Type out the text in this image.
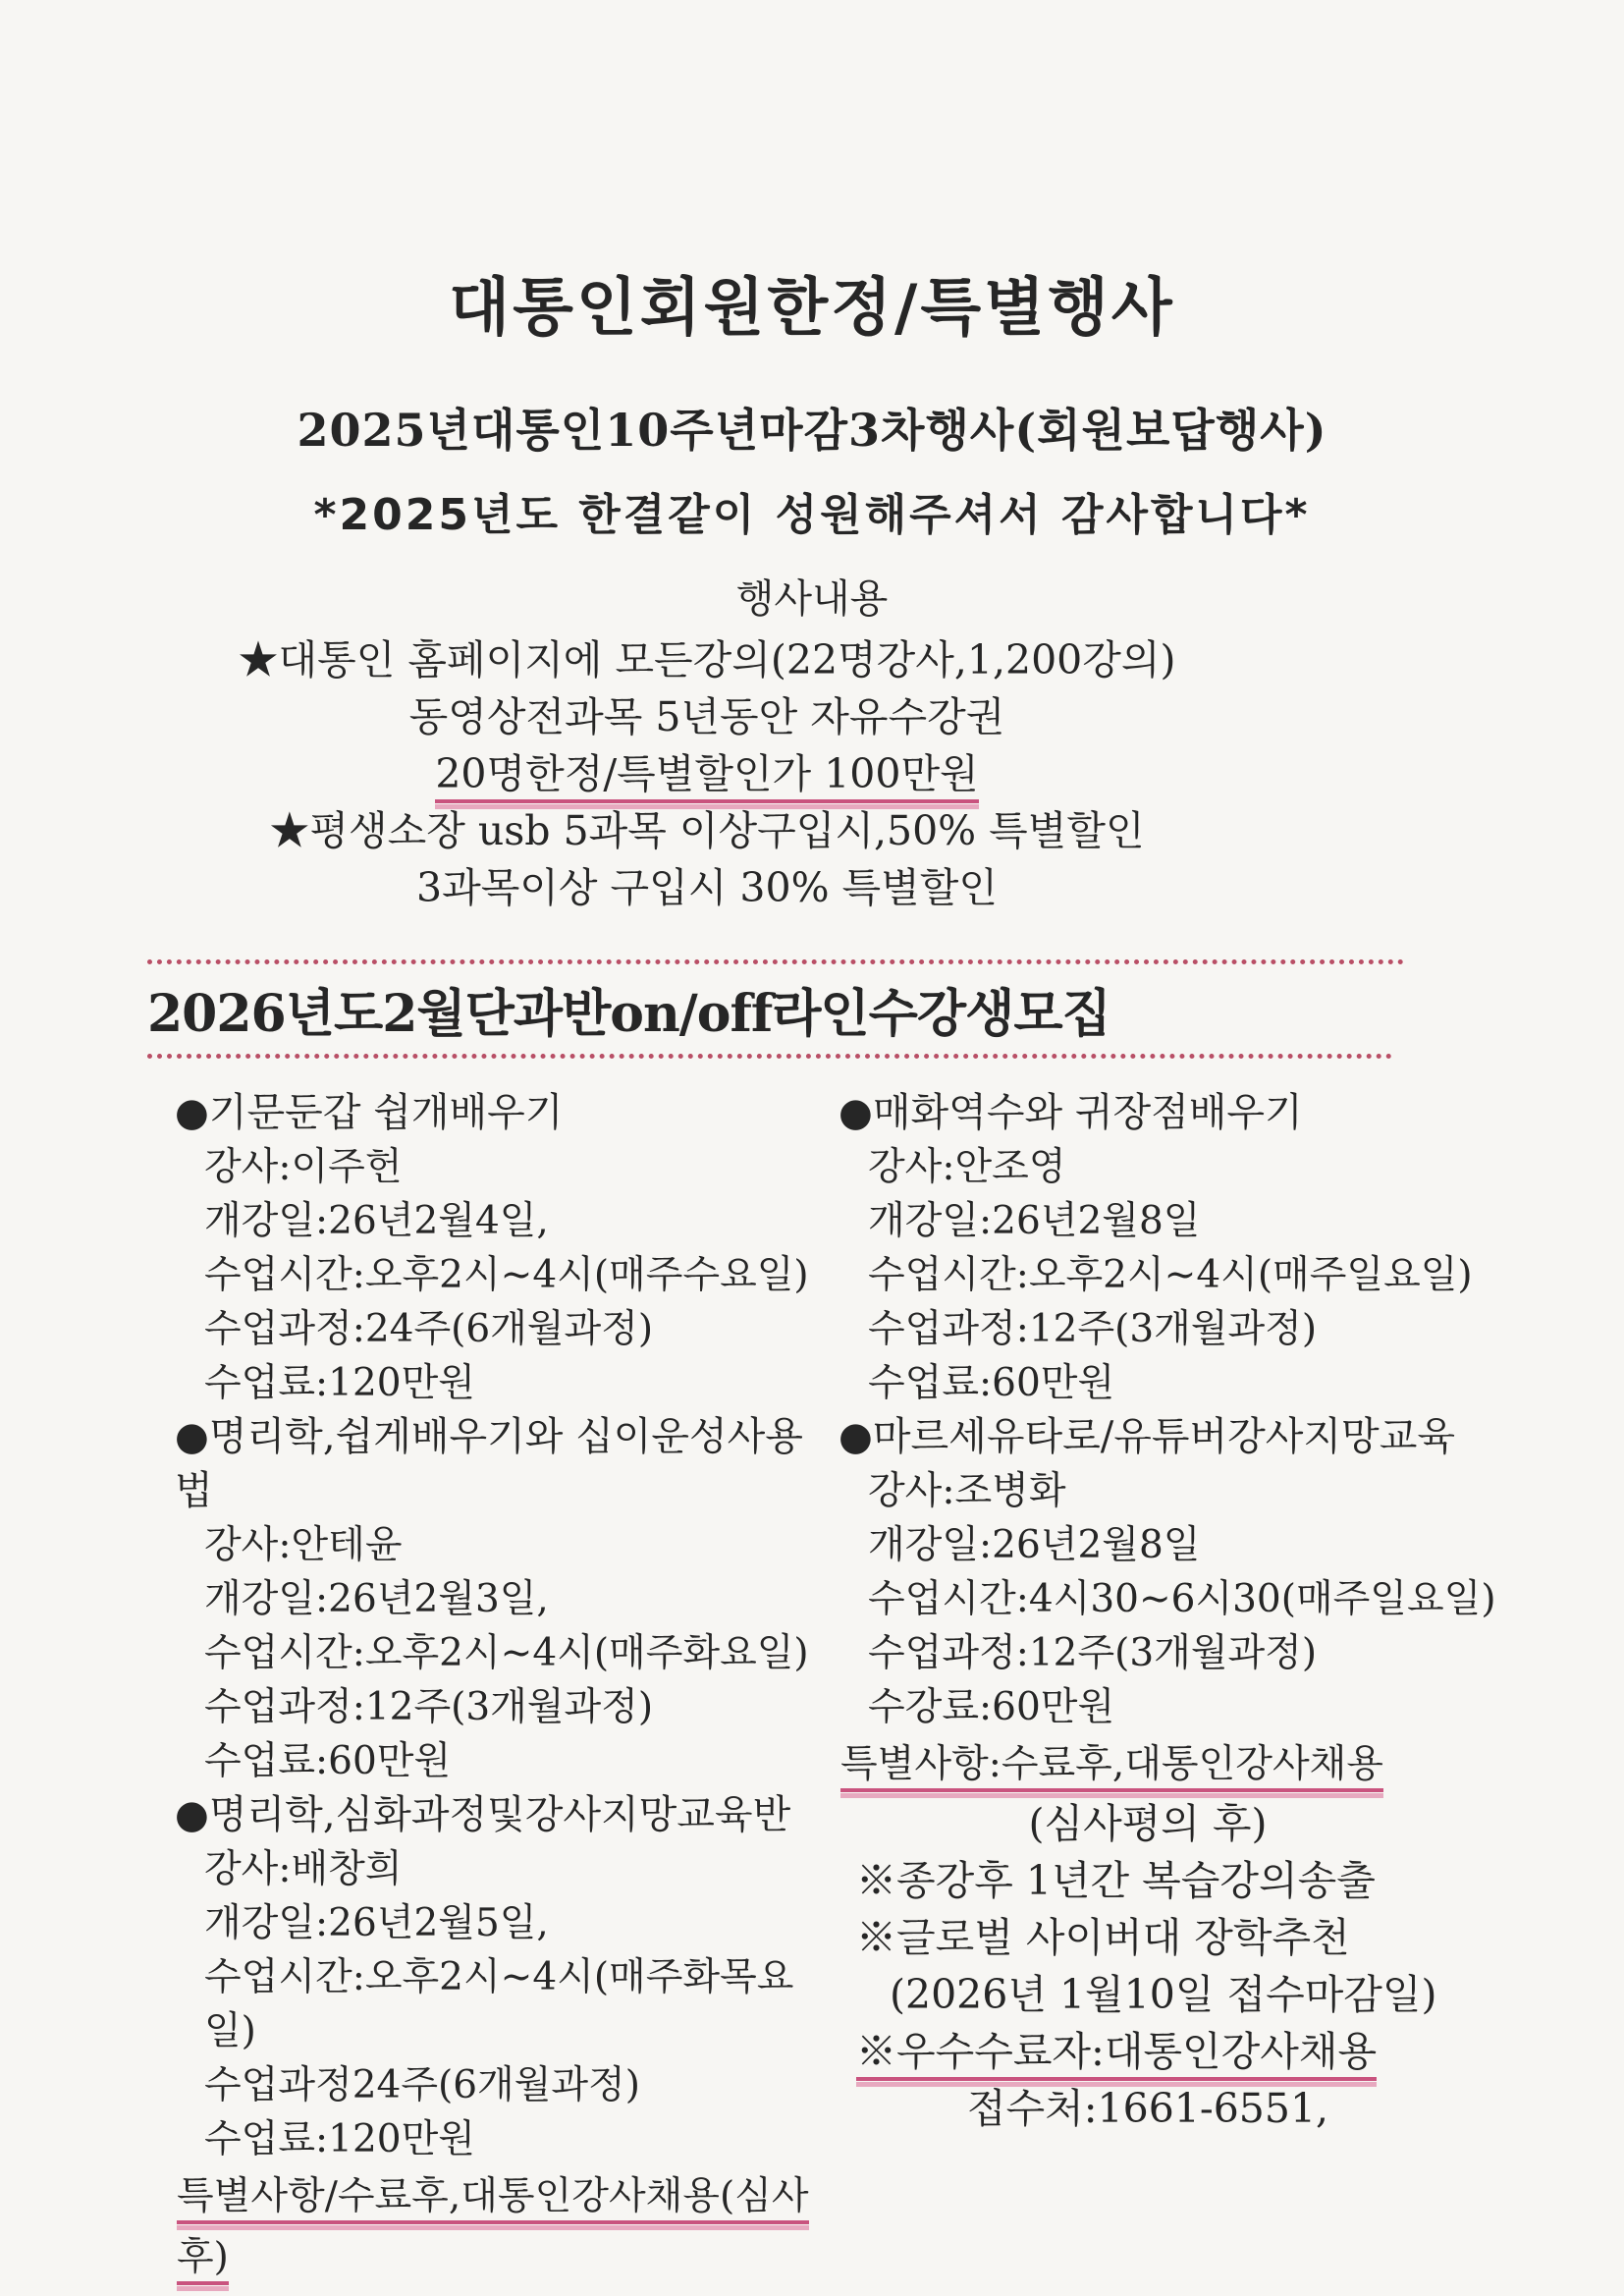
대통인회원한정/특별행사
2025년대통인10주년마감3차행사(회원보답행사)
*2025년도 한결같이 성원해주셔서 감사합니다*
행사내용
★대통인 홈페이지에 모든강의(22명강사,1,200강의)
동영상전과목 5년동안 자유수강권
20명한정/특별할인가 100만원
★평생소장 usb 5과목 이상구입시,50% 특별할인
3과목이상 구입시 30% 특별할인
2026년도2월단과반on/off라인수강생모집
●기문둔갑 쉽개배우기
강사:이주헌
개강일:26년2월4일,
수업시간:오후2시~4시(매주수요일)
수업과정:24주(6개월과정)
수업료:120만원
●명리학,쉽게배우기와 십이운성사용법
강사:안테윤
개강일:26년2월3일,
수업시간:오후2시~4시(매주화요일)
수업과정:12주(3개월과정)
수업료:60만원
●명리학,심화과정및강사지망교육반
강사:배창희
개강일:26년2월5일,
수업시간:오후2시~4시(매주화목요일)
수업과정24주(6개월과정)
수업료:120만원
특별사항/수료후,대통인강사채용(심사후)
●매화역수와 귀장점배우기
강사:안조영
개강일:26년2월8일
수업시간:오후2시~4시(매주일요일)
수업과정:12주(3개월과정)
수업료:60만원
●마르세유타로/유튜버강사지망교육
강사:조병화
개강일:26년2월8일
수업시간:4시30~6시30(매주일요일)
수업과정:12주(3개월과정)
수강료:60만원
특별사항:수료후,대통인강사채용
(심사평의 후)
※종강후 1년간 복습강의송출
※글로벌 사이버대 장학추천
(2026년 1월10일 접수마감일)
※우수수료자:대통인강사채용
접수처:1661-6551,
